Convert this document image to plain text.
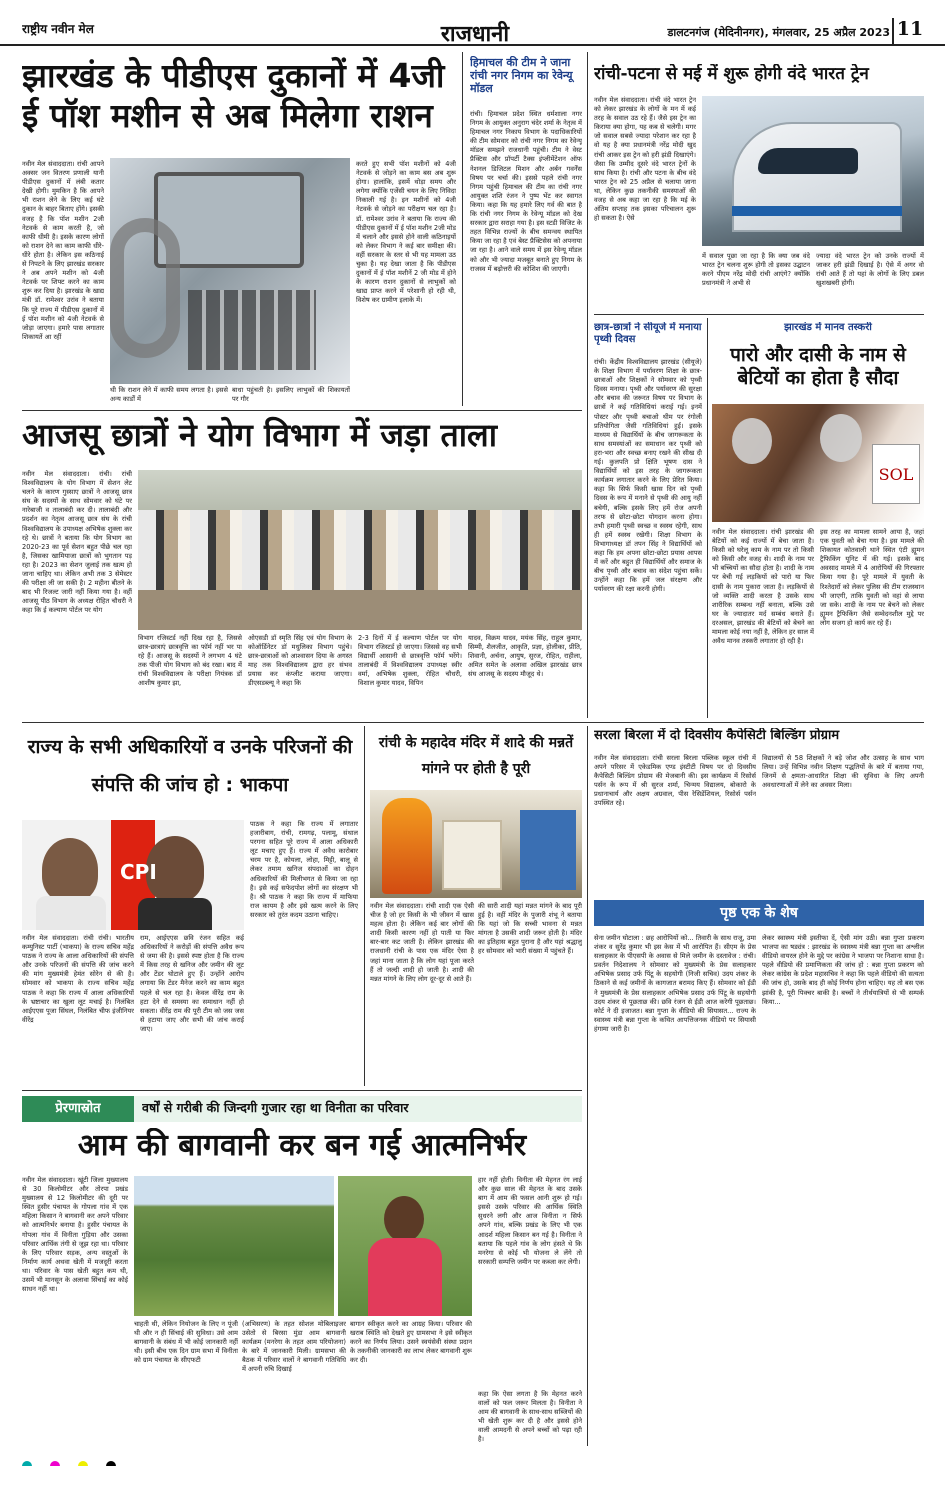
राष्ट्रीय नवीन मेल	राजधानी	डालटनगंज (मेदिनीनगर), मंगलवार, 25 अप्रैल 2023 11
झारखंड के पीडीएस दुकानों में 4जी ई पॉश मशीन से अब मिलेगा राशन
नवीन मेल संवाददाता। रांची आपने अक्सर जन वितरण प्रणाली यानी पीडीएस दुकानों में लंबी कतार देखी होगी। मुमकिन है कि आपने भी राशन लेने के लिए कई घंटे दुकान के बाहर बिताए होंगे। इसकी वजह है कि पॉश मशीन 2जी नेटवर्क से काम करती है, जो काफी धीमी है। इसके कारण लोगों को राशन देने का काम काफी धीरे-धीरे होता है। लेकिन इस कठिनाई से निपटने के लिए झारखंड सरकार ने अब अपने मशीन को 4जी नेटवर्क पर शिफ्ट करने का काम शुरू कर दिया है। झारखंड के खाद्य मंत्री डॉ. रामेश्वर उरांव ने बताया कि पूरे राज्य में पीडीएस दुकानों में ई पॉश मशीन को 4जी नेटवर्क से जोड़ा जाएगा। हमारे पास लगातार शिकायतें आ रहीं
थी कि राशन लेने में काफी समय लगता है। इससे अन्य कार्डों में
बाधा पहुंचती है। इसलिए लाभुकों की शिकायतों पर गौर
करते हुए सभी पॉश मशीनों को 4जी नेटवर्क से जोड़ने का काम बस अब शुरू होगा। हालांकि, इसमें थोड़ा समय और लगेगा क्योंकि एजेंसी चयन के लिए निविदा निकाली गई है। इन मशीनों को 4जी नेटवर्क से जोड़ने का परीक्षण चल रहा है। डॉ. रामेश्वर उरांव ने बताया कि राज्य की पीडीएस दुकानों में ई पॉश मशीन 2जी मोड में चलाने और इससे होने वाली कठिनाइयों को लेकर विभाग ने कई बार समीक्षा की। वहीं सरकार के स्तर से भी यह मामला उठ चुका है। यह देखा जाता है कि पीडीएस दुकानों में ई पॉश मशीनें 2 जी मोड में होने के कारण राशन दुकानों से लाभुकों को खाद्य प्राप्त करने में परेशानी हो रही थी, विशेष कर ग्रामीण इलाके में।
हिमाचल की टीम ने जाना रांची नगर निगम का रेवेन्यू मॉडल
रांची। हिमाचल प्रदेश स्थित धर्मशाला नगर निगम के आयुक्त अनुराग चंदेर शर्मा के नेतृत्व में हिमाचल नगर निकाय विभाग के पदाधिकारियों की टीम सोमवार को रांची नगर निगम का रेवेन्यू मॉडल समझने राजधानी पहुंची। टीम ने वेस्ट प्रैक्टिस और प्रॉपर्टी टैक्स इंप्लीमेंटेशन ऑफ नेशनल डिजिटल मिशन और अर्बन गवर्नेंस विषय पर चर्चा की। इससे पहले रांची नगर निगम पहुंची हिमाचल की टीम का रांची नगर आयुक्त शशि रंजन ने पुष्प भेंट कर स्वागत किया। कहा कि यह हमारे लिए गर्व की बात है कि रांची नगर निगम के रेवेन्यू मॉडल को देख सरकार द्वारा सराहा गया है। इस स्टडी विजिट के तहत विभिन्न राज्यों के बीच समन्वय स्थापित किया जा रहा है एवं बेस्ट प्रैक्टिसेस को अपनाया जा रहा है। आने वाले समय में इस रेवेन्यू मॉडल को और भी ज्यादा मजबूत बनाते हुए निगम के राजस्व में बढ़ोत्तरी की कोशिश की जाएगी।
रांची-पटना से मई में शुरू होगी वंदे भारत ट्रेन
नवीन मेल संवाददाता। रांची वंदे भारत ट्रेन को लेकर झारखंड के लोगों के मन में कई तरह के सवाल उठ रहे हैं। जैसे इस ट्रेन का किराया क्या होगा, यह कब से चलेगी। मगर जो सवाल सबसे ज्यादा परेशान कर रहा है वो यह है क्या प्रधानमंत्री नरेंद्र मोदी खुद रांची आकर इस ट्रेन को हरी झंडी दिखाएंगे। जैसा कि उम्मीद दूसरे वंदे भारत ट्रेनों के साथ किया है। रांची और पटना के बीच वंदे भारत ट्रेन को 25 अप्रैल से चलाया जाना था, लेकिन कुछ तकनीकी समस्याओं की वजह से अब कहा जा रहा है कि मई के अंतिम सप्ताह तक इसका परिचालन शुरू हो सकता है। ऐसे
में सवाल पूछा जा रहा है कि क्या जब वंदे भारत ट्रेन चलना शुरू होगी तो इसका उद्घाटन करने पीएम नरेंद्र मोदी रांची आएंगे? क्योंकि प्रधानमंत्री ने अभी से
ज्यादा वंदे भारत ट्रेन को उनके राज्यों में जाकर हरी झंडी दिखाई है। ऐसे में अगर वो रांची आते हैं तो यहां के लोगों के लिए डबल खुशखबरी होगी।
छात्र-छात्रों ने सीयूजे में मनाया पृथ्वी दिवस
रांची। केंद्रीय विश्वविद्यालय झारखंड (सीयूजे) के शिक्षा विभाग में पर्यावरण शिक्षा के छात्र-छात्राओं और शिक्षकों ने सोमवार को पृथ्वी दिवस मनाया। पृथ्वी और पर्यावरण की सुरक्षा और बचाव की जरूरत विषय पर विभाग के छात्रों ने कई गतिविधियां कराई गई। इनमें पोस्टर और पृथ्वी बचाओ थीम पर रंगोली प्रतियोगिता जैसी गतिविधियां हुईं। इसके माध्यम से विद्यार्थियों के बीच जागरूकता के साथ समस्यांओं का समाधान कर पृथ्वी को हरा-भरा और स्वच्छ बनाए रखने की सीख दी गई। कुलपति प्रो क्षिति भूषण दास ने विद्यार्थियों को इस तरह के जागरूकता कार्यक्रम लगातार करने के लिए प्रेरित किया। कहा कि सिर्फ किसी खास दिन को पृथ्वी दिवस के रूप में मनाने से पृथ्वी की आयु नहीं बचेगी, बल्कि इसके लिए हमें रोज अपनी तरफ से छोटा-छोटा योगदान करना होगा। तभी हमारी पृथ्वी स्वच्छ व स्वस्थ रहेगी, साथ ही हमें स्वस्थ रखेगी। शिक्षा विभाग के विभागाध्यक्ष डॉ तपन सिंह ने विद्यार्थियों को कहा कि हम अपना छोटा-छोटा प्रयास आपस में करें और बहुत ही विद्यार्थियों और समाज के बीच पृथ्वी और बचाव का संदेश पहुंचा सकें। उन्होंने कहा कि हमें जल संरक्षण और पर्यावरण की रक्षा करनी होगी।
झारखंड में मानव तस्करी
पारो और दासी के नाम से बेटियों का होता है सौदा
SOL
नवीन मेल संवाददाता। रांची झारखंड की बेटियों को कई राज्यों में बेचा जाता है। किसी को घरेलू काम के नाम पर तो किसी को किसी और वजह से। शादी के नाम पर भी बच्चियों का सौदा होता है। शादी के नाम पर बेची गई लड़कियों को पारो या फिर दासी के नाम पुकारा जाता है। लड़कियों से जो व्यक्ति शादी करता है उसके साथ शारीरिक सम्बन्ध नहीं बनाता, बल्कि उसे घर के ज्यादातर मर्द सम्बंध बनाते हैं। दरअसल, झारखंड की बेटियों को बेचने का मामला कोई नया नहीं है, लेकिन हर साल में अवैध मानव तस्करी लगातार हो रही है।
इस तरह का मामला सामने आया है, जहां एक युवती को बेचा गया है। इस मामले की शिकायत कोतवाली थाने स्थित एंटी ह्यूमन ट्रैफिकिंग यूनिट में की गई। इसके बाद अवसाद मामले में 4 आरोपियों की गिरफ्तार किया गया है। पूरे मामले में युवती के रिश्तेदारों को लेकर पुलिस की टीम राजस्थान भी जाएगी, ताकि युवती को वहां से लाया जा सके। शादी के नाम पर बेचने को लेकर ह्यूमन ट्रैफिकिंग जैसे सम्वेदनशील मुद्दे पर लोग सजग हो कार्य कर रहे हैं।
आजसू छात्रों ने योग विभाग में जड़ा ताला
नवीन मेल संवाददाता। रांची। रांची विश्वविद्यालय के योग विभाग में सेशन लेट चलने के कारण गुस्साए छात्रों ने आजसू छात्र संघ के सदस्यों के साथ सोमवार को घंटे पर नारेबाजी व तालाबंदी कर दी। तालाबंदी और प्रदर्शन का नेतृत्व आजसू छात्र संघ के रांची विश्वविद्यालय के उपाध्यक्ष अभिषेक शुक्ला कर रहे थे। छात्रों ने बताया कि योग विभाग का 2020-23 का पूर्व सेशन बहुत पीछे चल रहा है, जिसका खामियाजा छात्रों को भुगतान पड़ रहा है। 2023 का सेशन जुलाई तक खत्म हो जाना चाहिए था। लेकिन अभी तक 3 सेमेस्टर की परीक्षा ली जा सकी है। 2 महीना बीतने के बाद भी रिजल्ट जारी नहीं किया गया है। वहीं आजसू पीठ विभाग के अध्यक्ष रोहित चौधरी ने कहा कि ई कल्याण पोर्टल पर योग
विभाग रजिस्टर्ड नहीं दिख रहा है, जिससे छात्र-छात्राएं छात्रवृत्ति का फॉर्म नहीं भर पा रहे हैं। आजसू के सदस्यों ने लगभग 4 घंटे तक पीजी योग विभाग को बंद रखा। बाद में रांची विश्वविद्यालय के परीक्षा नियंत्रक डॉ आशीष कुमार झा,
ओएसडी डॉ स्मृति सिंह एवं योग विभाग के कोऑर्डिनेटर डॉ मधुलिका विभाग पहुंचे। छात्र-छात्राओं को आश्वासन दिया के अगस्त माह तक विश्वविद्यालय द्वारा हर संभव प्रयास कर कंप्लीट कराया जाएगा। डीएसडब्ल्यू ने कहा कि
2-3 दिनों में ई कल्याण पोर्टल पर योग विभाग रजिस्टर्ड हो जाएगा। जिससे वह सभी विद्यार्थी आसानी से छात्रवृत्ति फॉर्म भरेंगे। तालाबंदी में विश्वविद्यालय उपाध्यक्ष स्वीर वर्मा, अभिषेक शुक्ला, रोहित चौधरी, विशाल कुमार यादव, विपिन
यादव, विक्रम यादव, मयंक सिंह, राहुल कुमार, सिम्मी, शैलजीत, आकृति, प्रज्ञा, होलीका, प्रीति, शिवानी, अर्चना, आयुष, सुरज, रोहित, राहीला, अमित समेत के अलावा अखिल झारखंड छात्र संघ आजसू के सदस्य मौजूद थे।
राज्य के सभी अधिकारियों व उनके परिजनों की संपत्ति की जांच हो : भाकपा
CPI
नवीन मेल संवाददाता। रांची रांची। भारतीय कम्युनिस्ट पार्टी (भाकपा) के राज्य सचिव महेंद्र पाठक ने राज्य के आला अधिकारियों की संपत्ति और उनके परिजनों की संपत्ति की जांच करने की मांग मुख्यमंत्री हेमंत सोरेन से की है। सोमवार को भाकपा के राज्य सचिव महेंद्र पाठक ने कहा कि राज्य में आला अधिकारियों के भ्रष्टाचार का खुला लूट मचाई है। निलंबित आईएएस पूजा सिंघल, निलंबित चीफ इंजीनियर वीरेंद्र
राम, आईएएस छवि रंजन सहित कई अधिकारियों ने करोड़ों की संपत्ति अवैध रूप से जमा की है। इससे स्पष्ट होता है कि राज्य में किस तरह से खनिज और जमीन की लूट और टेंडर घोटाले हुए हैं। उन्होंने आरोप लगाया कि टेंडर मैनेज करने का काम बहुत पहले से चल रहा है। केवल वीरेंद्र राम के हटा देने से समस्या का समाधान नहीं हो सकता। वीरेंद्र राम की पूरी टीम को जस जस से हटाया जाए और सभी की जांच कराई जाए।
पाठक ने कहा कि राज्य में लगातार हजारीबाग, रांची, रामगढ़, पलामू, संथाल परगना सहित पूरे राज्य में आला अधिकारी लूट मचाए हुए हैं। राज्य में अवैध कारोबार चरम पर है, कोयला, लोहा, मिट्टी, बालू से लेकर तमाम खनिज संपदाओं का दोहन अधिकारियों की मिलीभगत से किया जा रहा है। इसे कई सफेदपोश लोगों का संरक्षण भी है। श्री पाठक ने कहा कि राज्य में माफिया राज कायम है और इसे खत्म करने के लिए सरकार को तुरंत कदम उठाना चाहिए।
रांची के महादेव मंदिर में शादे की मन्नतें मांगने पर होती है पूरी
नवीन मेल संवाददाता। रांची शादी एक ऐसी चीज है जो हर किसी के भी जीवन में खास महत्व होता है। लेकिन कई बार लोगों की शादी किसी कारण नहीं हो पाती या फिर बार-बार कट जाती है। लेकिन झारखंड की राजधानी रांची के पास एक मंदिर ऐसा है जहां माना जाता है कि लोग यहां पूजा करते हैं तो जल्दी शादी हो जाती है। शादी की मन्नत मांगने के लिए लोग दूर-दूर से आते हैं।
की सारी शादी यहां मन्नत मांगने के बाद पूरी हुई है। वहीं मंदिर के पुजारी शंभू ने बताया कि यहां जो कि सच्ची भावना से मन्नत मांगता है उसकी शादी जरूर होती है। मंदिर का इतिहास बहुत पुराना है और यहां श्रद्धालु हर सोमवार को भारी संख्या में पहुंचते हैं।
सरला बिरला में दो दिवसीय कैपेसिटी बिल्डिंग प्रोग्राम
नवीन मेल संवाददाता। रांची सरला बिरला पब्लिक स्कूल रांची में अपने परिसर में एकेडमिक एण्ड इंस्टीटी विषय पर दो दिवसीय कैपेसिटी बिल्डिंग प्रोग्राम की मेजबानी की। इस कार्यक्रम में रिसोर्स पर्सन के रूप में श्री सुरज शर्मा, चिन्मय विद्यालय, बोकारो के प्रधानाचार्य और अक्षय अग्रवाल, पीस रेसिडेंशियल, रिसोर्स पर्सन उपस्थित रहे।
विद्यालयों से 58 शिक्षकों ने बड़े जोश और उत्साह के साथ भाग लिया। उन्हें विभिन्न नवीन शिक्षण पद्धतियों के बारे में बताया गया, जिनमें से क्षमता-आधारित शिक्षा की सुविधा के लिए अपनी अवधारणाओं में लेने का अवसर मिला।
पृष्ठ एक के शेष
सेना जमीन घोटाला : छह आरोपियों को... तिवारी के साथ राजू, उमा शंकर व सुरेंद्र कुमार भी इस केस में भी आरोपित हैं। सीएम के प्रेस सलाहकार के पीएसपी के अवास से मिले जमीन के दस्तावेज : रांची। प्रवर्तन निदेशालय ने सोमवार को मुख्यमंत्री के प्रेस सलाहकार अभिषेक प्रसाद उर्फ पिंटू के सहयोगी (निजी सचिव) उदय शंकर के ठिकाने से कई जमीनों के कागजात बरामद किए हैं। सोमवार को ईडी ने मुख्यमंत्री के प्रेस सलाहकार अभिषेक प्रसाद उर्फ पिंटू के सहयोगी उदय शंकर से पूछताछ की। छवि रंजन से ईडी आज करेगी पूछताछ। कोर्ट ने दी इजाजत। बन्ना गुप्ता के वीडियो की सियासत... राज्य के स्वास्थ्य मंत्री बन्ना गुप्ता के कथित आपत्तिजनक वीडियो पर सियासी हंगामा जारी है।
लेकर स्वास्थ्य मंत्री इस्तीफा दें, ऐसी मांग उठी। बन्ना गुप्ता प्रकरण भाजपा का षड्यंत्र : झारखंड के स्वास्थ्य मंत्री बन्ना गुप्ता का अश्लील वीडियो वायरल होने के मुद्दे पर कांग्रेस ने भाजपा पर निशाना साधा है। पहले वीडियो की प्रमाणिकता की जांच हो : बन्ना गुप्ता प्रकरण को लेकर कांग्रेस के प्रदेश महासचिव ने कहा कि पहले वीडियो की सत्यता की जांच हो, उसके बाद ही कोई निर्णय होना चाहिए। यह तो बस एक झांकी है, पूरी पिक्चर बाकी है। बच्चों ने तीर्थयात्रियों से भी सम्पर्क किया...
प्रेरणास्रोत	वर्षों से गरीबी की जिन्दगी गुजार रहा था विनीता का परिवार
आम की बागवानी कर बन गई आत्मनिर्भर
नवीन मेल संवाददाता। खूंटी जिला मुख्यालय से 30 किलोमीटर और तोरपा प्रखंड मुख्यालय से 12 किलोमीटर की दूरी पर स्थित हुसीर पंचायत के गोपला गांव में एक महिला किसान ने बागवानी कर अपने परिवार को आत्मनिर्भर बनाया है। हुसीर पंचायत के गोपला गांव में विनीता गुड़िया और उसका परिवार आर्थिक तंगी से जूझ रहा था। परिवार के लिए परिवार सड़क, अन्य वस्तुओं के निर्माण कार्य अथवा खेती में मजदूरी करता था। परिवार के पास खेती बहुत कम थी, उसमें भी मानसून के अलावा सिंचाई का कोई साधन नहीं था।
चाहती थी, लेकिन नियोजन के लिए न पूंजी थी और न ही सिंचाई की सुविधा। उसे आम बागवानी के संबंध में भी कोई जानकारी नहीं थी। इसी बीच एक दिन ग्राम सभा में विनीता को ग्राम पंचायत के सीएफटी
(अभिसरण) के तहत सोशल मोबिलाइजर उसेतो से बिरसा मुंडा आम बागवानी कार्यक्रम (मनरेगा के तहत आम परियोजना) के बारे में जानकारी मिली। ग्रामसभा की बैठक में परिवार वालों ने बागवानी गतिविधि में अपनी रुचि दिखाई
बागान स्वीकृत करने का आग्रह किया। परिवार की खराब स्थिति को देखते हुए ग्रामसभा ने इसे स्वीकृत करने का निर्णय लिया। उसने स्वयंसेवी संस्था प्रदान के तकनीकी जानकारी का लाभ लेकर बागवानी शुरू कर दी।
हार नहीं होती। विनीता की मेहनत रंग लाई और कुछ साल की मेहनत के बाद उसके बाग में आम की फसल आनी शुरू हो गई। इससे उसके परिवार की आर्थिक स्थिति सुधरने लगी और आज विनीता न सिर्फ अपने गांव, बल्कि प्रखंड के लिए भी एक आदर्श महिला किसान बन गई है। विनीता ने बताया कि पहले गांव के लोग हंसते थे कि मनरेगा से कोई भी योजना ले लेंगे तो सरकारी सम्पत्ति जमीन पर कब्जा कर लेगी।
कहा कि ऐसा लगता है कि मेहनत करने वालों को फल जरूर मिलता है। विनीता ने आम की बागवानी के साथ-साथ सब्जियों की भी खेती शुरू कर दी है और इससे होने वाली आमदनी से अपने बच्चों को पढ़ा रही है।
